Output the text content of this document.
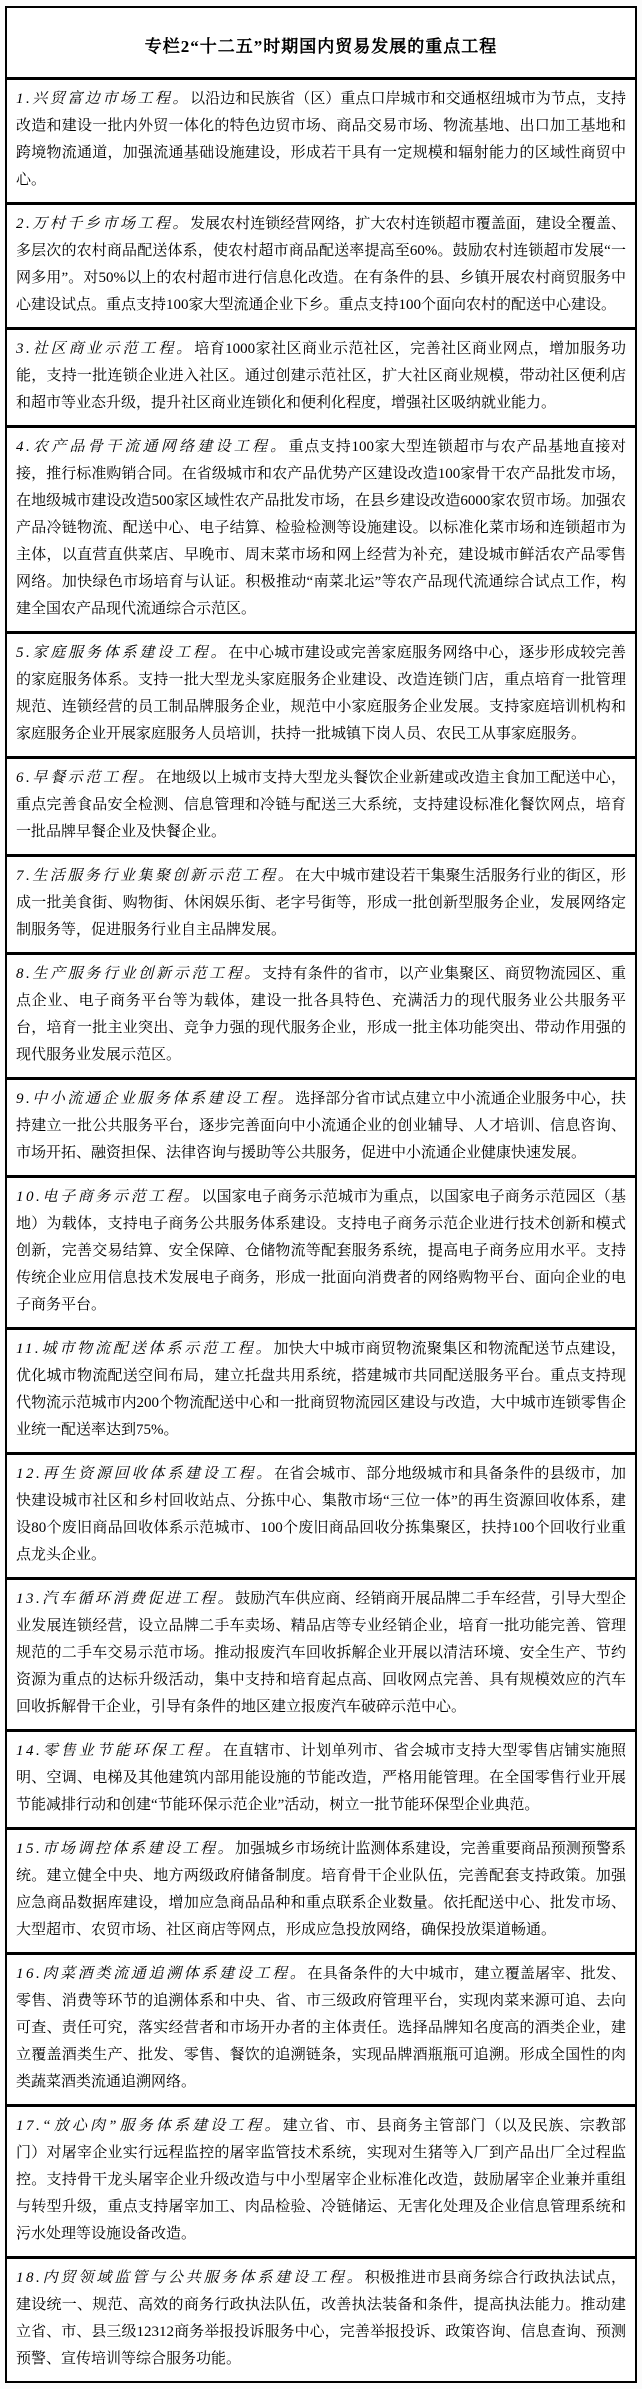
专栏2“十二五”时期国内贸易发展的重点工程

1.兴贸富边市场工程。以沿边和民族省（区）重点口岸城市和交通枢纽城市为节点，支持改造和建设一批内外贸一体化的特色边贸市场、商品交易市场、物流基地、出口加工基地和跨境物流通道，加强流通基础设施建设，形成若干具有一定规模和辐射能力的区域性商贸中心。

2.万村千乡市场工程。发展农村连锁经营网络，扩大农村连锁超市覆盖面，建设全覆盖、多层次的农村商品配送体系，使农村超市商品配送率提高至60%。鼓励农村连锁超市发展“一网多用”。对50%以上的农村超市进行信息化改造。在有条件的县、乡镇开展农村商贸服务中心建设试点。重点支持100家大型流通企业下乡。重点支持100个面向农村的配送中心建设。

3.社区商业示范工程。培育1000家社区商业示范社区，完善社区商业网点，增加服务功能，支持一批连锁企业进入社区。通过创建示范社区，扩大社区商业规模，带动社区便利店和超市等业态升级，提升社区商业连锁化和便利化程度，增强社区吸纳就业能力。

4.农产品骨干流通网络建设工程。重点支持100家大型连锁超市与农产品基地直接对接，推行标准购销合同。在省级城市和农产品优势产区建设改造100家骨干农产品批发市场，在地级城市建设改造500家区域性农产品批发市场，在县乡建设改造6000家农贸市场。加强农产品冷链物流、配送中心、电子结算、检验检测等设施建设。以标准化菜市场和连锁超市为主体，以直营直供菜店、早晚市、周末菜市场和网上经营为补充，建设城市鲜活农产品零售网络。加快绿色市场培育与认证。积极推动“南菜北运”等农产品现代流通综合试点工作，构建全国农产品现代流通综合示范区。

5.家庭服务体系建设工程。在中心城市建设或完善家庭服务网络中心，逐步形成较完善的家庭服务体系。支持一批大型龙头家庭服务企业建设、改造连锁门店，重点培育一批管理规范、连锁经营的员工制品牌服务企业，规范中小家庭服务企业发展。支持家庭培训机构和家庭服务企业开展家庭服务人员培训，扶持一批城镇下岗人员、农民工从事家庭服务。

6.早餐示范工程。在地级以上城市支持大型龙头餐饮企业新建或改造主食加工配送中心，重点完善食品安全检测、信息管理和冷链与配送三大系统，支持建设标准化餐饮网点，培育一批品牌早餐企业及快餐企业。

7.生活服务行业集聚创新示范工程。在大中城市建设若干集聚生活服务行业的街区，形成一批美食街、购物街、休闲娱乐街、老字号街等，形成一批创新型服务企业，发展网络定制服务等，促进服务行业自主品牌发展。

8.生产服务行业创新示范工程。支持有条件的省市，以产业集聚区、商贸物流园区、重点企业、电子商务平台等为载体，建设一批各具特色、充满活力的现代服务业公共服务平台，培育一批主业突出、竞争力强的现代服务企业，形成一批主体功能突出、带动作用强的现代服务业发展示范区。

9.中小流通企业服务体系建设工程。选择部分省市试点建立中小流通企业服务中心，扶持建立一批公共服务平台，逐步完善面向中小流通企业的创业辅导、人才培训、信息咨询、市场开拓、融资担保、法律咨询与援助等公共服务，促进中小流通企业健康快速发展。

10.电子商务示范工程。以国家电子商务示范城市为重点，以国家电子商务示范园区（基地）为载体，支持电子商务公共服务体系建设。支持电子商务示范企业进行技术创新和模式创新，完善交易结算、安全保障、仓储物流等配套服务系统，提高电子商务应用水平。支持传统企业应用信息技术发展电子商务，形成一批面向消费者的网络购物平台、面向企业的电子商务平台。

11.城市物流配送体系示范工程。加快大中城市商贸物流聚集区和物流配送节点建设，优化城市物流配送空间布局，建立托盘共用系统，搭建城市共同配送服务平台。重点支持现代物流示范城市内200个物流配送中心和一批商贸物流园区建设与改造，大中城市连锁零售企业统一配送率达到75%。

12.再生资源回收体系建设工程。在省会城市、部分地级城市和具备条件的县级市，加快建设城市社区和乡村回收站点、分拣中心、集散市场“三位一体”的再生资源回收体系，建设80个废旧商品回收体系示范城市、100个废旧商品回收分拣集聚区，扶持100个回收行业重点龙头企业。

13.汽车循环消费促进工程。鼓励汽车供应商、经销商开展品牌二手车经营，引导大型企业发展连锁经营，设立品牌二手车卖场、精品店等专业经销企业，培育一批功能完善、管理规范的二手车交易示范市场。推动报废汽车回收拆解企业开展以清洁环境、安全生产、节约资源为重点的达标升级活动，集中支持和培育起点高、回收网点完善、具有规模效应的汽车回收拆解骨干企业，引导有条件的地区建立报废汽车破碎示范中心。

14.零售业节能环保工程。在直辖市、计划单列市、省会城市支持大型零售店铺实施照明、空调、电梯及其他建筑内部用能设施的节能改造，严格用能管理。在全国零售行业开展节能减排行动和创建“节能环保示范企业”活动，树立一批节能环保型企业典范。

15.市场调控体系建设工程。加强城乡市场统计监测体系建设，完善重要商品预测预警系统。建立健全中央、地方两级政府储备制度。培育骨干企业队伍，完善配套支持政策。加强应急商品数据库建设，增加应急商品品种和重点联系企业数量。依托配送中心、批发市场、大型超市、农贸市场、社区商店等网点，形成应急投放网络，确保投放渠道畅通。

16.肉菜酒类流通追溯体系建设工程。在具备条件的大中城市，建立覆盖屠宰、批发、零售、消费等环节的追溯体系和中央、省、市三级政府管理平台，实现肉菜来源可追、去向可查、责任可究，落实经营者和市场开办者的主体责任。选择品牌知名度高的酒类企业，建立覆盖酒类生产、批发、零售、餐饮的追溯链条，实现品牌酒瓶瓶可追溯。形成全国性的肉类蔬菜酒类流通追溯网络。

17.“放心肉”服务体系建设工程。建立省、市、县商务主管部门（以及民族、宗教部门）对屠宰企业实行远程监控的屠宰监管技术系统，实现对生猪等入厂到产品出厂全过程监控。支持骨干龙头屠宰企业升级改造与中小型屠宰企业标准化改造，鼓励屠宰企业兼并重组与转型升级，重点支持屠宰加工、肉品检验、冷链储运、无害化处理及企业信息管理系统和污水处理等设施设备改造。

18.内贸领域监管与公共服务体系建设工程。积极推进市县商务综合行政执法试点，建设统一、规范、高效的商务行政执法队伍，改善执法装备和条件，提高执法能力。推动建立省、市、县三级12312商务举报投诉服务中心，完善举报投诉、政策咨询、信息查询、预测预警、宣传培训等综合服务功能。
